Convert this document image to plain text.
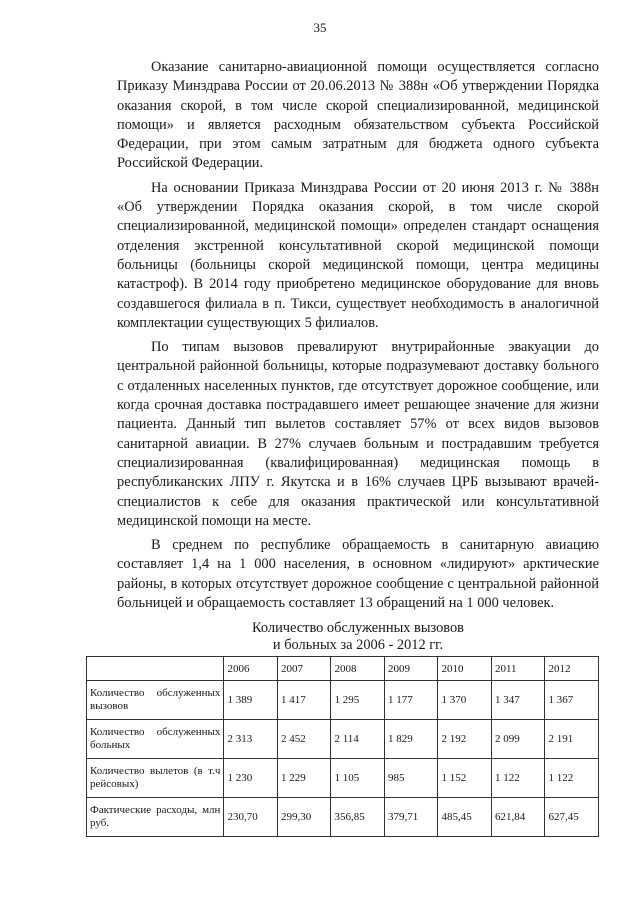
35

Оказание санитарно-авиационной помощи осуществляется согласно Приказу Минздрава России от 20.06.2013 № 388н «Об утверждении Порядка оказания скорой, в том числе скорой специализированной, медицинской помощи» и является расходным обязательством субъекта Российской Федерации, при этом самым затратным для бюджета одного субъекта Российской Федерации.

На основании Приказа Минздрава России от 20 июня 2013 г. № 388н «Об утверждении Порядка оказания скорой, в том числе скорой специализированной, медицинской помощи» определен стандарт оснащения отделения экстренной консультативной скорой медицинской помощи больницы (больницы скорой медицинской помощи, центра медицины катастроф). В 2014 году приобретено медицинское оборудование для вновь создавшегося филиала в п. Тикси, существует необходимость в аналогичной комплектации существующих 5 филиалов.

По типам вызовов превалируют внутрирайонные эвакуации до центральной районной больницы, которые подразумевают доставку больного с отдаленных населенных пунктов, где отсутствует дорожное сообщение, или когда срочная доставка пострадавшего имеет решающее значение для жизни пациента. Данный тип вылетов составляет 57% от всех видов вызовов санитарной авиации. В 27% случаев больным и пострадавшим требуется специализированная (квалифицированная) медицинская помощь в республиканских ЛПУ г. Якутска и в 16% случаев ЦРБ вызывают врачей-специалистов к себе для оказания практической или консультативной медицинской помощи на месте.

В среднем по республике обращаемость в санитарную авиацию составляет 1,4 на 1 000 населения, в основном «лидируют» арктические районы, в которых отсутствует дорожное сообщение с центральной районной больницей и обращаемость составляет 13 обращений на 1 000 человек.

Количество обслуженных вызовов
и больных за 2006 - 2012 гг.
	2006	2007	2008	2009	2010	2011	2012
Количество обслуженных вызовов	1 389	1 417	1 295	1 177	1 370	1 347	1 367
Количество обслуженных больных	2 313	2 452	2 114	1 829	2 192	2 099	2 191
Количество вылетов (в т.ч рейсовых)	1 230	1 229	1 105	985	1 152	1 122	1 122
Фактические расходы, млн руб.	230,70	299,30	356,85	379,71	485,45	621,84	627,45
